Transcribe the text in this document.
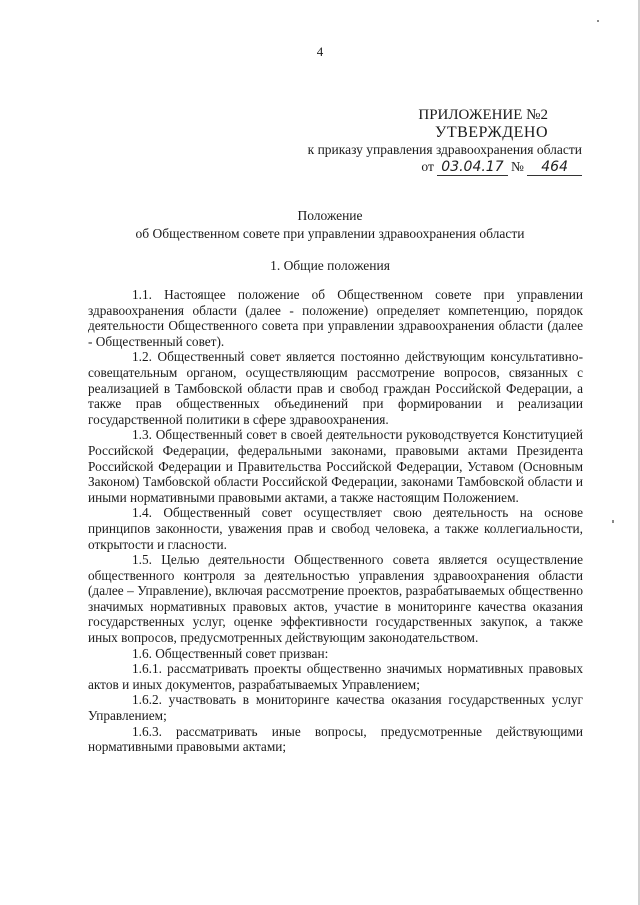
4
ПРИЛОЖЕНИЕ №2
УТВЕРЖДЕНО
к приказу управления здравоохранения области
от 03.04.17 № 464
Положение
об Общественном совете при управлении здравоохранения области
1. Общие положения

1.1. Настоящее положение об Общественном совете при управлении здравоохранения области (далее - положение) определяет компетенцию, порядок деятельности Общественного совета при управлении здравоохранения области (далее - Общественный совет).

1.2. Общественный совет является постоянно действующим консультативно-совещательным органом, осуществляющим рассмотрение вопросов, связанных с реализацией в Тамбовской области прав и свобод граждан Российской Федерации, а также прав общественных объединений при формировании и реализации государственной политики в сфере здравоохранения.

1.3. Общественный совет в своей деятельности руководствуется Конституцией Российской Федерации, федеральными законами, правовыми актами Президента Российской Федерации и Правительства Российской Федерации, Уставом (Основным Законом) Тамбовской области Российской Федерации, законами Тамбовской области и иными нормативными правовыми актами, а также настоящим Положением.

1.4. Общественный совет осуществляет свою деятельность на основе принципов законности, уважения прав и свобод человека, а также коллегиальности, открытости и гласности.

1.5. Целью деятельности Общественного совета является осуществление общественного контроля за деятельностью управления здравоохранения области (далее – Управление), включая рассмотрение проектов, разрабатываемых общественно значимых нормативных правовых актов, участие в мониторинге качества оказания государственных услуг, оценке эффективности государственных закупок, а также иных вопросов, предусмотренных действующим законодательством.

1.6. Общественный совет призван:

1.6.1. рассматривать проекты общественно значимых нормативных правовых актов и иных документов, разрабатываемых Управлением;

1.6.2. участвовать в мониторинге качества оказания государственных услуг Управлением;

1.6.3. рассматривать иные вопросы, предусмотренные действующими нормативными правовыми актами;
